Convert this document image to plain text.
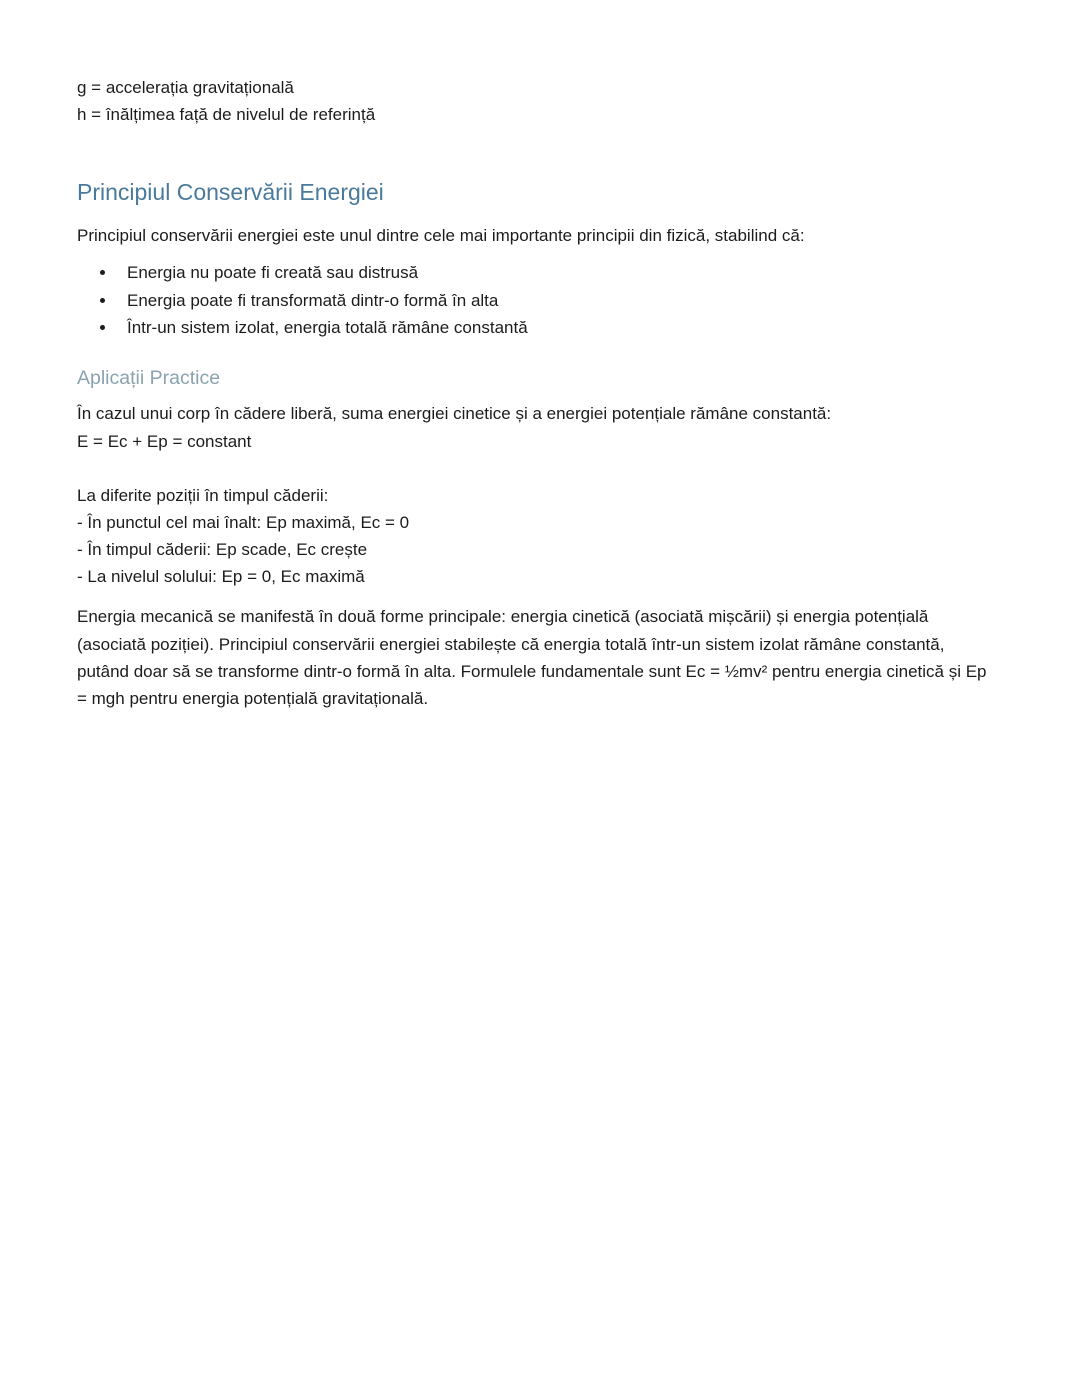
g = accelerația gravitațională

h = înălțimea față de nivelul de referință

Principiul Conservării Energiei

Principiul conservării energiei este unul dintre cele mai importante principii din fizică, stabilind că:

• Energia nu poate fi creată sau distrusă
• Energia poate fi transformată dintr-o formă în alta
• Într-un sistem izolat, energia totală rămâne constantă
Aplicații Practice

În cazul unui corp în cădere liberă, suma energiei cinetice și a energiei potențiale rămâne constantă:

E = Ec + Ep = constant

La diferite poziții în timpul căderii:

- În punctul cel mai înalt: Ep maximă, Ec = 0

- În timpul căderii: Ep scade, Ec crește

- La nivelul solului: Ep = 0, Ec maximă

Energia mecanică se manifestă în două forme principale: energia cinetică (asociată mișcării) și energia potențială (asociată poziției). Principiul conservării energiei stabilește că energia totală într-un sistem izolat rămâne constantă, putând doar să se transforme dintr-o formă în alta. Formulele fundamentale sunt Ec = ½mv² pentru energia cinetică și Ep = mgh pentru energia potențială gravitațională.
